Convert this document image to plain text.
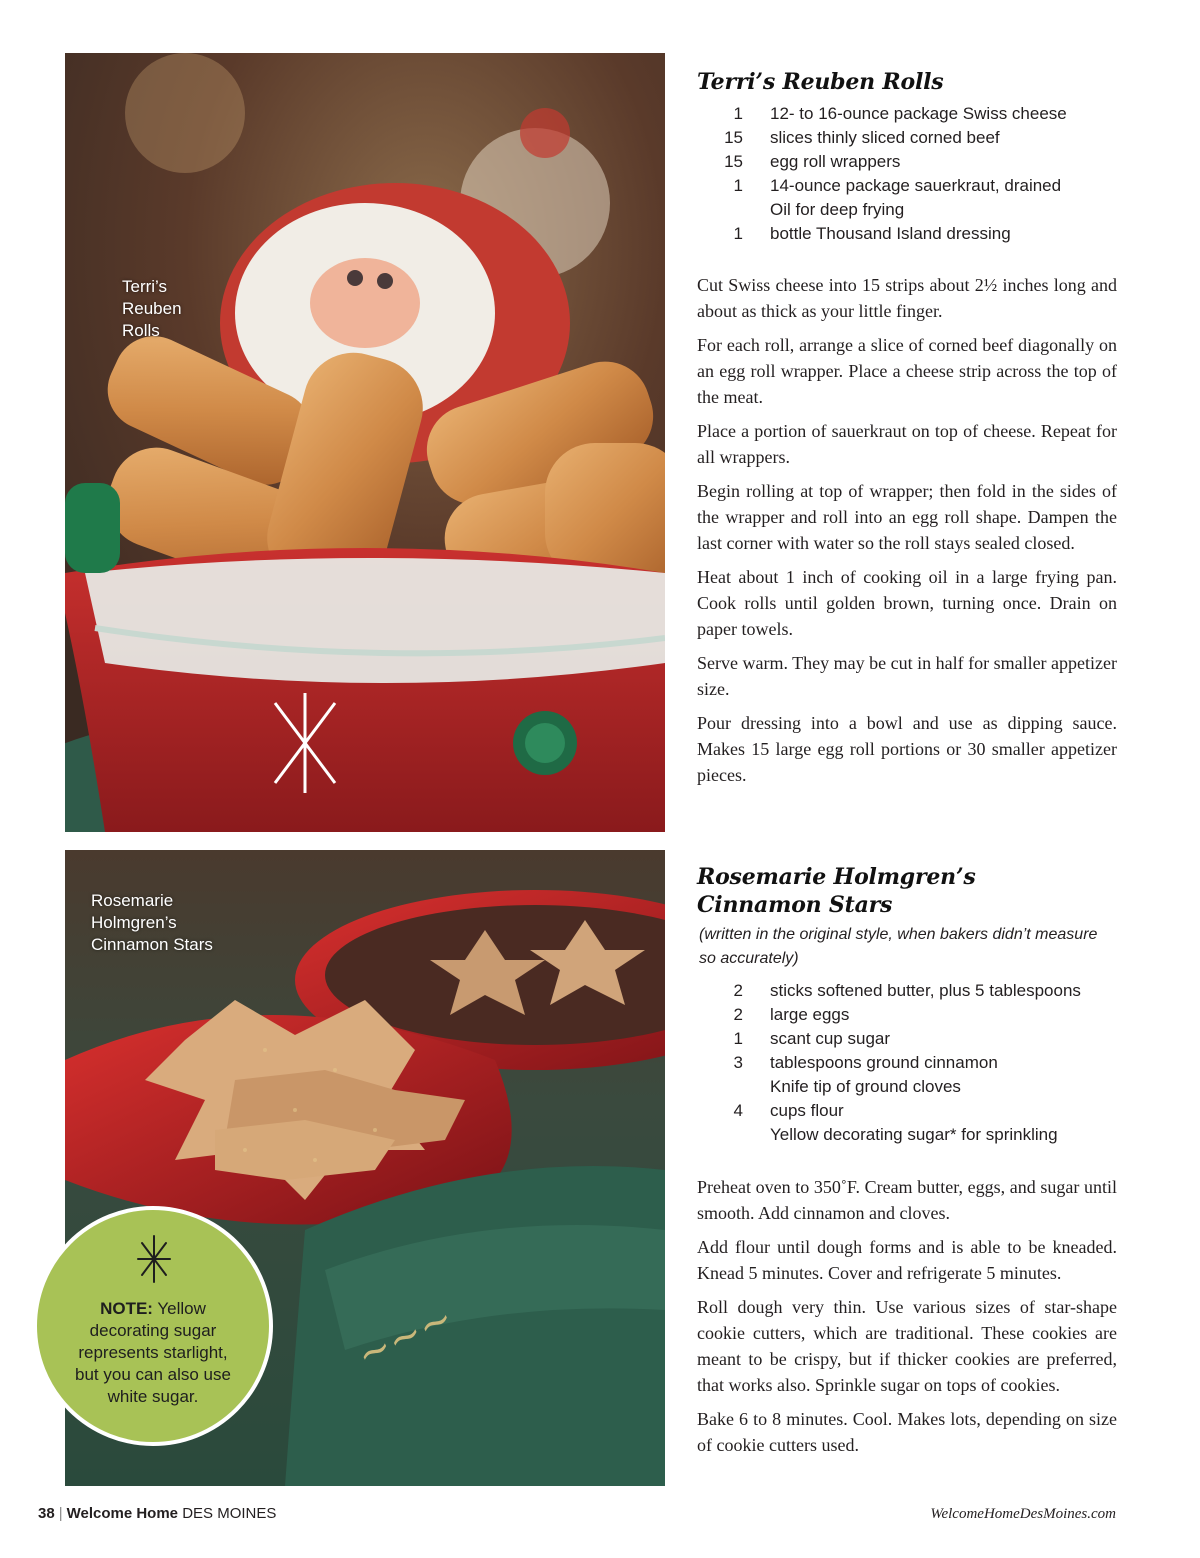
Terri’s
Reuben
Rolls
~~~
Rosemarie
Holmgren’s
Cinnamon Stars
NOTE: Yellow decorating sugar represents starlight, but you can also use white sugar.
Terri’s Reuben Rolls
1 12- to 16-ounce package Swiss cheese
15 slices thinly sliced corned beef
15 egg roll wrappers
1 14-ounce package sauerkraut, drained
Oil for deep frying
1 bottle Thousand Island dressing

Cut Swiss cheese into 15 strips about 2½ inches long and about as thick as your little finger.

For each roll, arrange a slice of corned beef diagonally on an egg roll wrapper. Place a cheese strip across the top of the meat.

Place a portion of sauerkraut on top of cheese. Repeat for all wrappers.

Begin rolling at top of wrapper; then fold in the sides of the wrapper and roll into an egg roll shape. Dampen the last corner with water so the roll stays sealed closed.

Heat about 1 inch of cooking oil in a large frying pan. Cook rolls until golden brown, turning once. Drain on paper towels.

Serve warm. They may be cut in half for smaller appetizer size.

Pour dressing into a bowl and use as dipping sauce. Makes 15 large egg roll portions or 30 smaller appetizer pieces.

Rosemarie Holmgren’s
Cinnamon Stars

(written in the original style, when bakers didn’t measure so accurately)

2 sticks softened butter, plus 5 tablespoons
2 large eggs
1 scant cup sugar
3 tablespoons ground cinnamon
Knife tip of ground cloves
4 cups flour
Yellow decorating sugar* for sprinkling

Preheat oven to 350˚F. Cream butter, eggs, and sugar until smooth. Add cinnamon and cloves.

Add flour until dough forms and is able to be kneaded. Knead 5 minutes. Cover and refrigerate 5 minutes.

Roll dough very thin. Use various sizes of star-shape cookie cutters, which are traditional. These cookies are meant to be crispy, but if thicker cookies are preferred, that works also. Sprinkle sugar on tops of cookies.

Bake 6 to 8 minutes. Cool. Makes lots, depending on size of cookie cutters used.

38 | Welcome Home DES MOINES	WelcomeHomeDesMoines.com
